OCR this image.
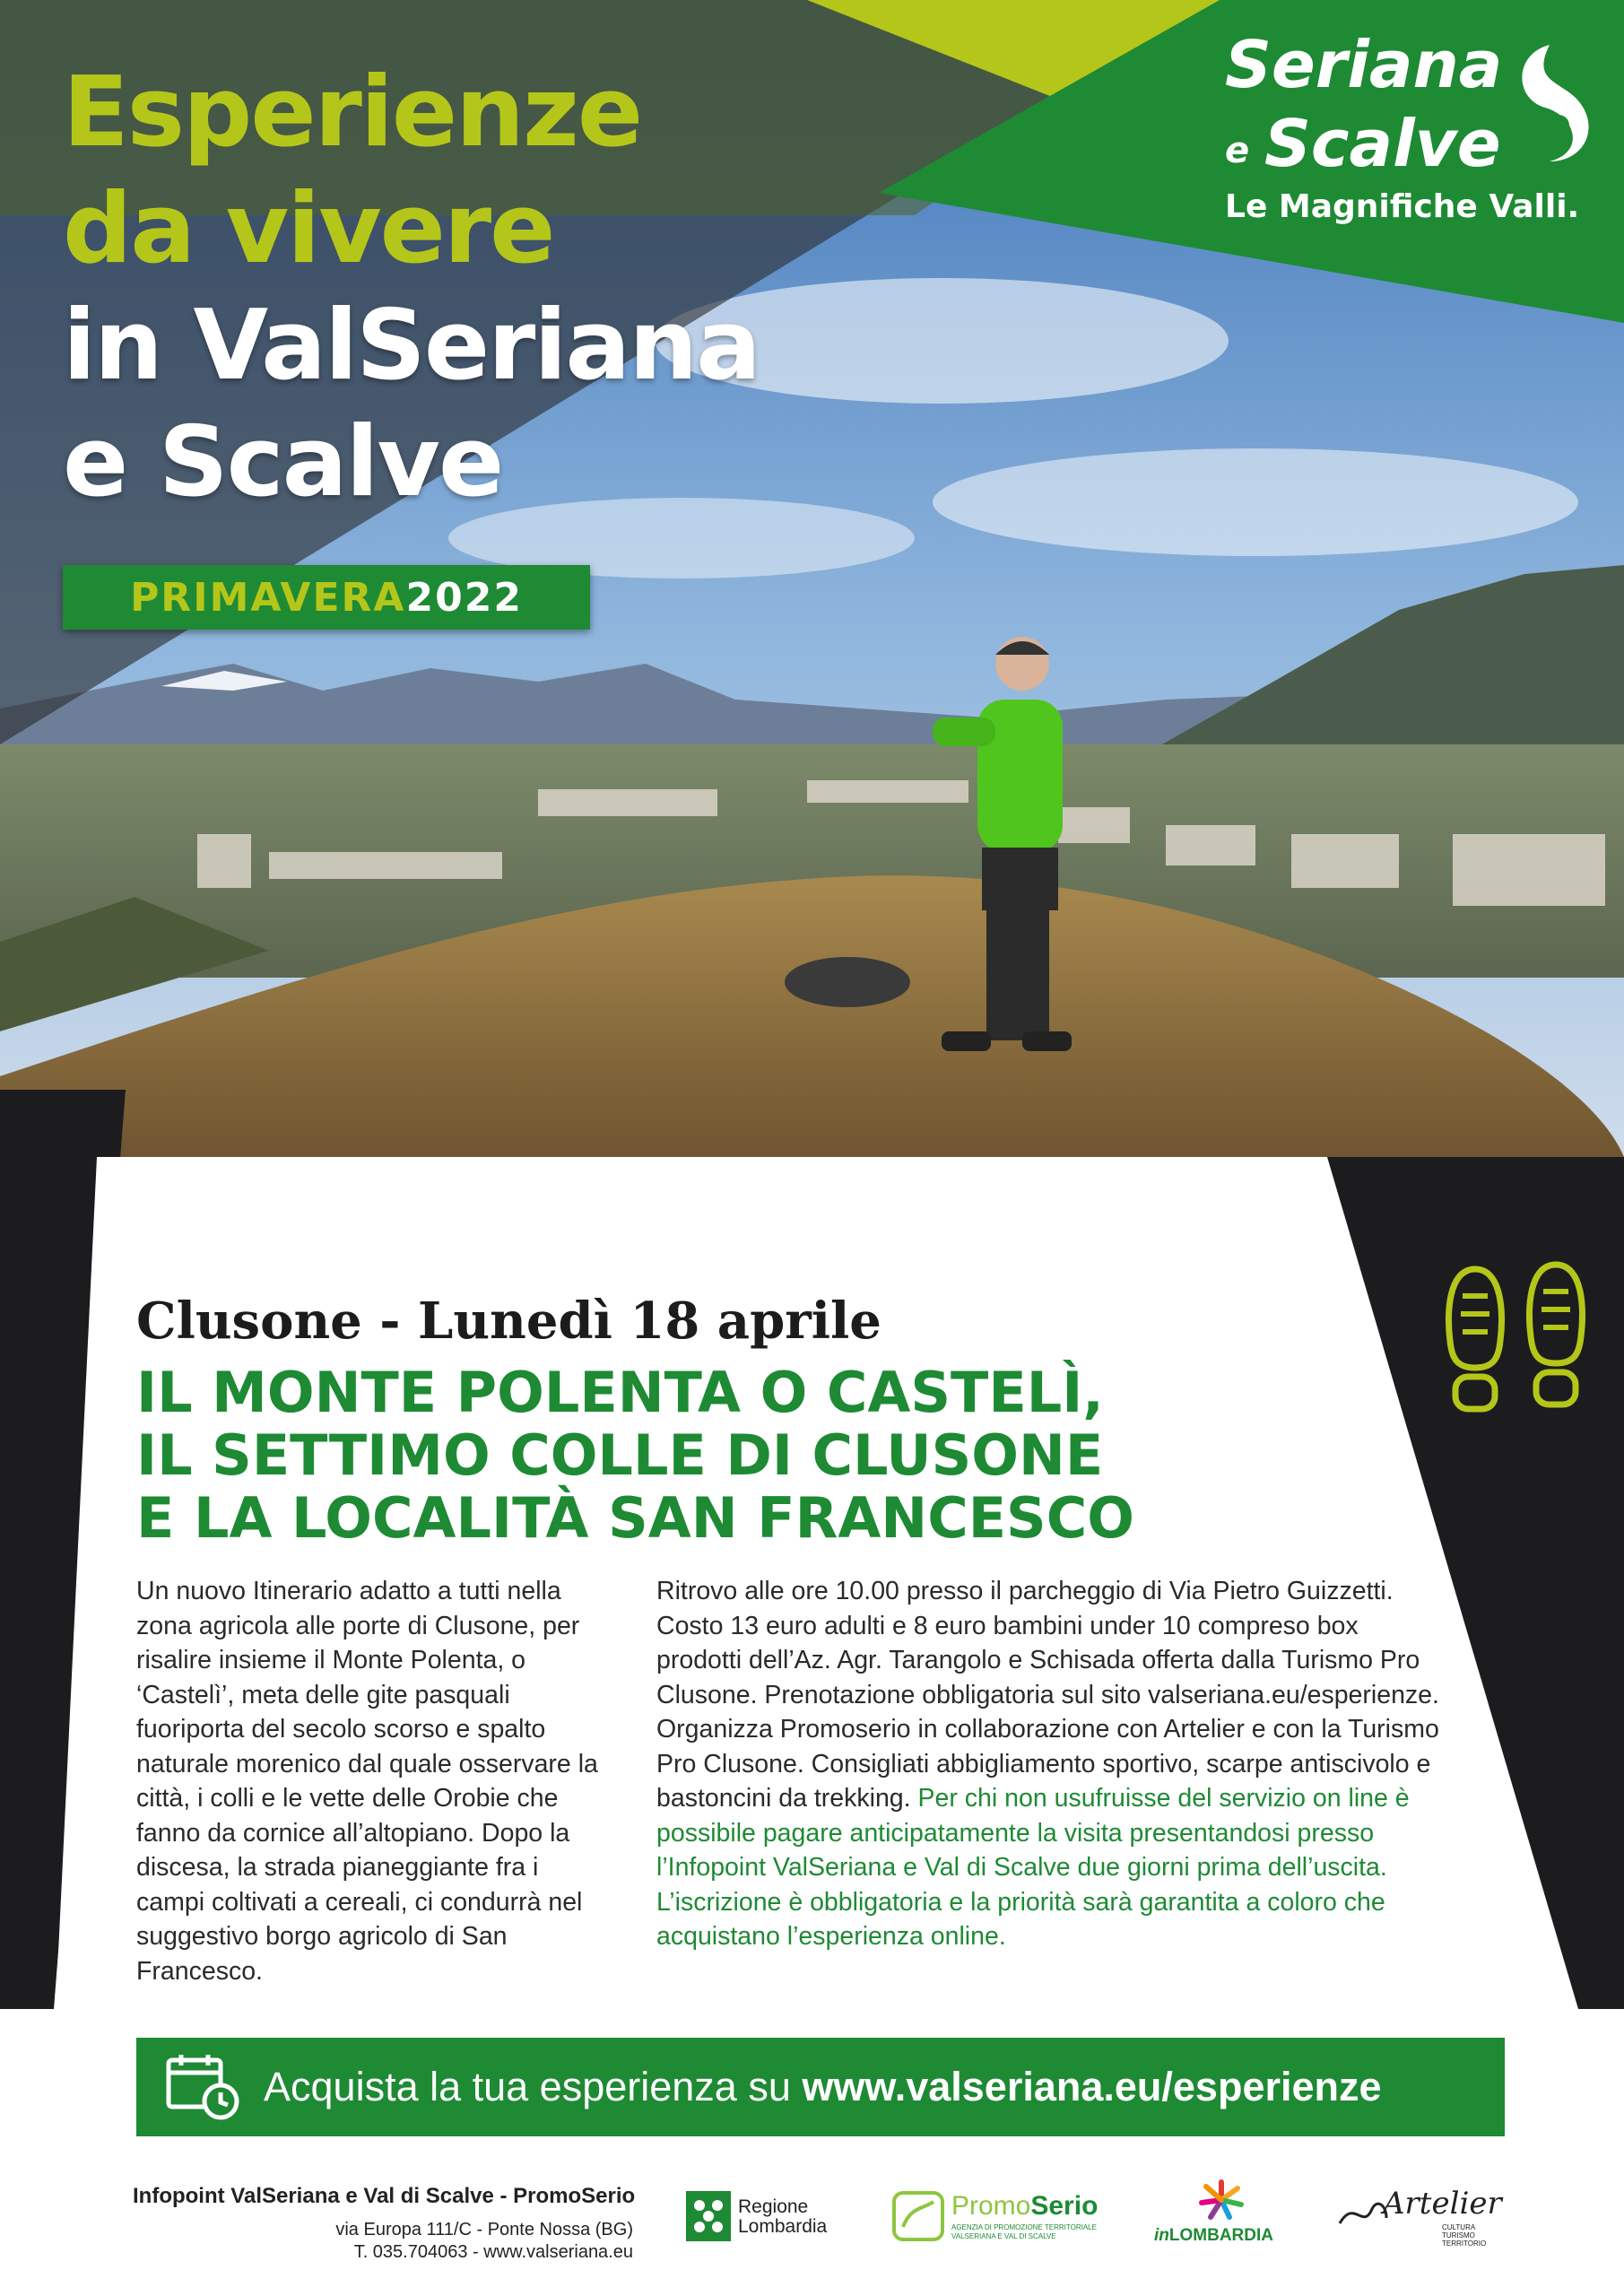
Esperienze
da vivere
in ValSeriana
e Scalve
PRIMAVERA 2022
Seriana
e Scalve
Le Magnifiche Valli.
Clusone - Lunedì 18 aprile
IL MONTE POLENTA O CASTELÌ,
IL SETTIMO COLLE DI CLUSONE
E LA LOCALITÀ SAN FRANCESCO
Un nuovo Itinerario adatto a tutti nella zona agricola alle porte di Clusone, per risalire insieme il Monte Polenta, o ‘Castelì’, meta delle gite pasquali fuoriporta del secolo scorso e spalto naturale morenico dal quale osservare la città, i colli e le vette delle Orobie che fanno da cornice all’altopiano. Dopo la discesa, la strada pianeggiante fra i campi coltivati a cereali, ci condurrà nel suggestivo borgo agricolo di San Francesco.
Ritrovo alle ore 10.00 presso il parcheggio di Via Pietro Guizzetti. Costo 13 euro adulti e 8 euro bambini under 10 compreso box prodotti dell’Az. Agr. Tarangolo e Schisada offerta dalla Turismo Pro Clusone. Prenotazione obbligatoria sul sito valseriana.eu/esperienze. Organizza Promoserio in collaborazione con Artelier e con la Turismo Pro Clusone. Consigliati abbigliamento sportivo, scarpe antiscivolo e bastoncini da trekking. Per chi non usufruisse del servizio on line è possibile pagare anticipatamente la visita presentandosi presso l’Infopoint ValSeriana e Val di Scalve due giorni prima dell’uscita. L’iscrizione è obbligatoria e la priorità sarà garantita a coloro che acquistano l’esperienza online.
Acquista la tua esperienza su www.valseriana.eu/esperienze
Infopoint ValSeriana e Val di Scalve - PromoSerio
via Europa 111/C - Ponte Nossa (BG)
T. 035.704063 - www.valseriana.eu
Regione
Lombardia
PromoSerio
AGENZIA DI PROMOZIONE TERRITORIALE
VALSERIANA E VAL DI SCALVE	inLOMBARDIA
Artelier
CULTURA
TURISMO
TERRITORIO
